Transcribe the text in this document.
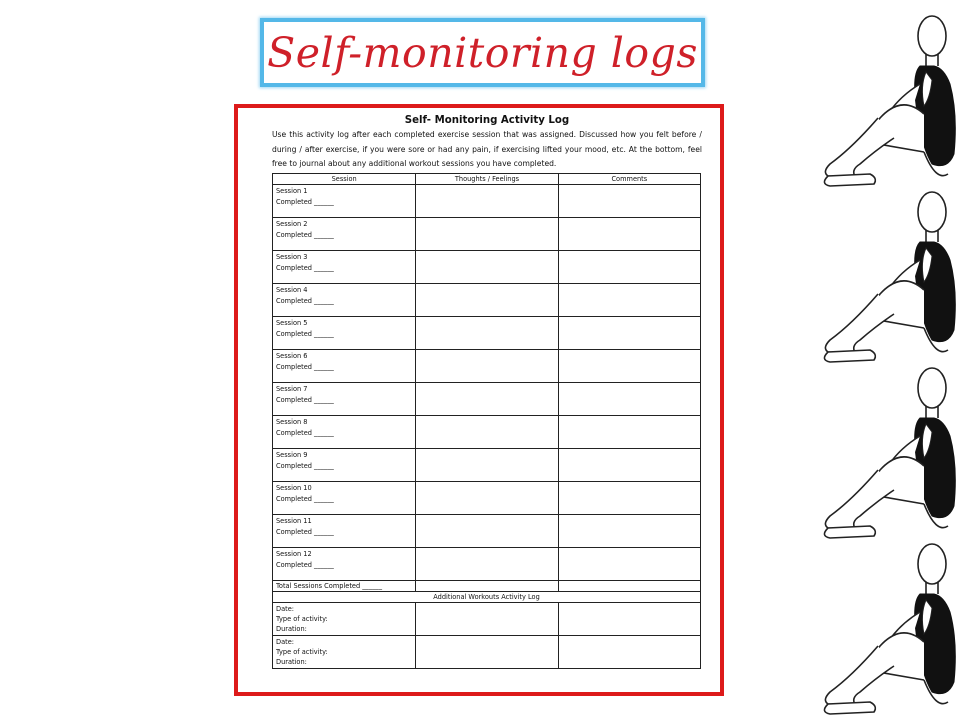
Self-monitoring logs
Self- Monitoring Activity Log
Use this activity log after each completed exercise session that was assigned. Discussed how you felt before / during / after exercise, if you were sore or had any pain, if exercising lifted your mood, etc. At the bottom, feel free to journal about any additional workout sessions you have completed.
Session	Thoughts / Feelings	Comments

Session 1
Completed ______		

Session 2
Completed ______		

Session 3
Completed ______		

Session 4
Completed ______		

Session 5
Completed ______		

Session 6
Completed ______		

Session 7
Completed ______		

Session 8
Completed ______		

Session 9
Completed ______		

Session 10
Completed ______		

Session 11
Completed ______		

Session 12
Completed ______		

Total Sessions Completed ______		
Additional Workouts Activity Log		

Date:
Type of activity:
Duration:		

Date:
Type of activity:
Duration:		
